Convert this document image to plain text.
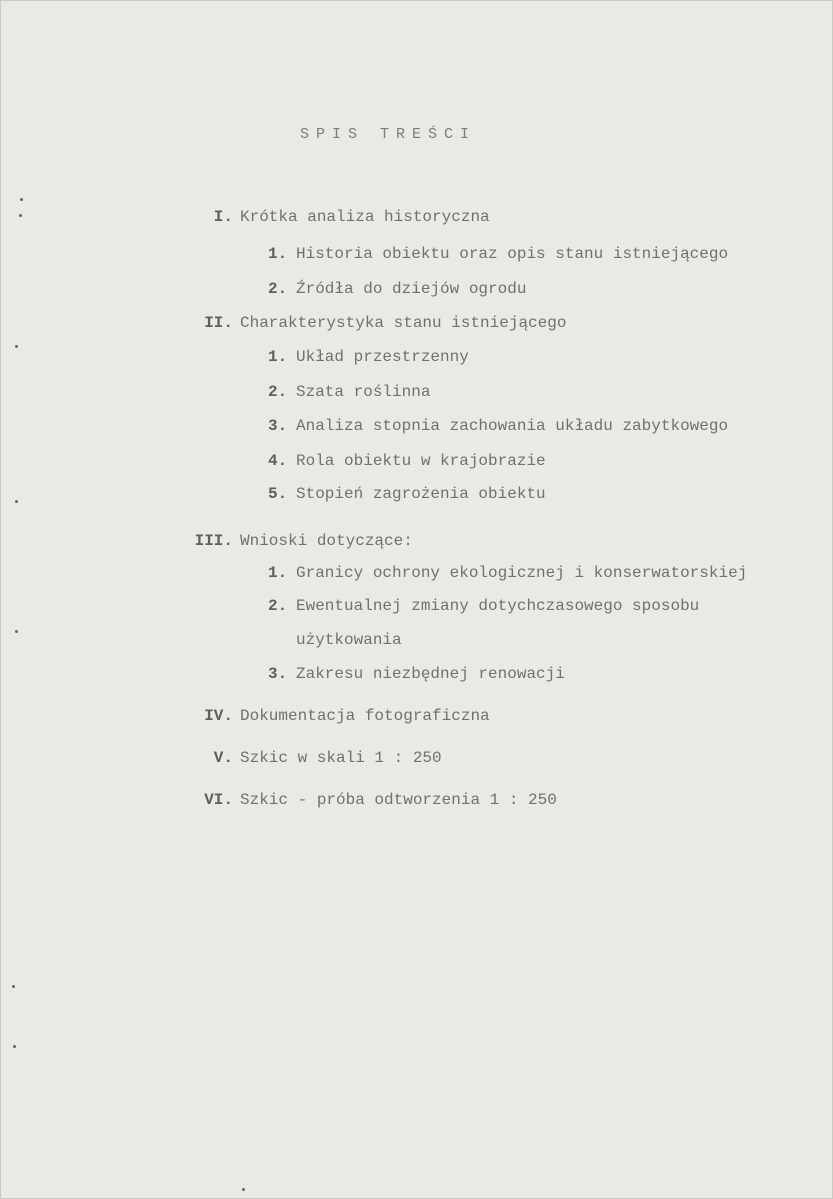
SPIS TREŚCI
I. Krótka analiza historyczna
1. Historia obiektu oraz opis stanu istniejącego
2. Źródła do dziejów ogrodu
II. Charakterystyka stanu istniejącego
1. Układ przestrzenny
2. Szata roślinna
3. Analiza stopnia zachowania układu zabytkowego
4. Rola obiektu w krajobrazie
5. Stopień zagrożenia obiektu
III. Wnioski dotyczące:
1. Granicy ochrony ekologicznej i konserwatorskiej
2. Ewentualnej zmiany dotychczasowego sposobu
użytkowania
3. Zakresu niezbędnej renowacji
IV. Dokumentacja fotograficzna
V. Szkic w skali 1 : 250
VI. Szkic - próba odtworzenia 1 : 250
